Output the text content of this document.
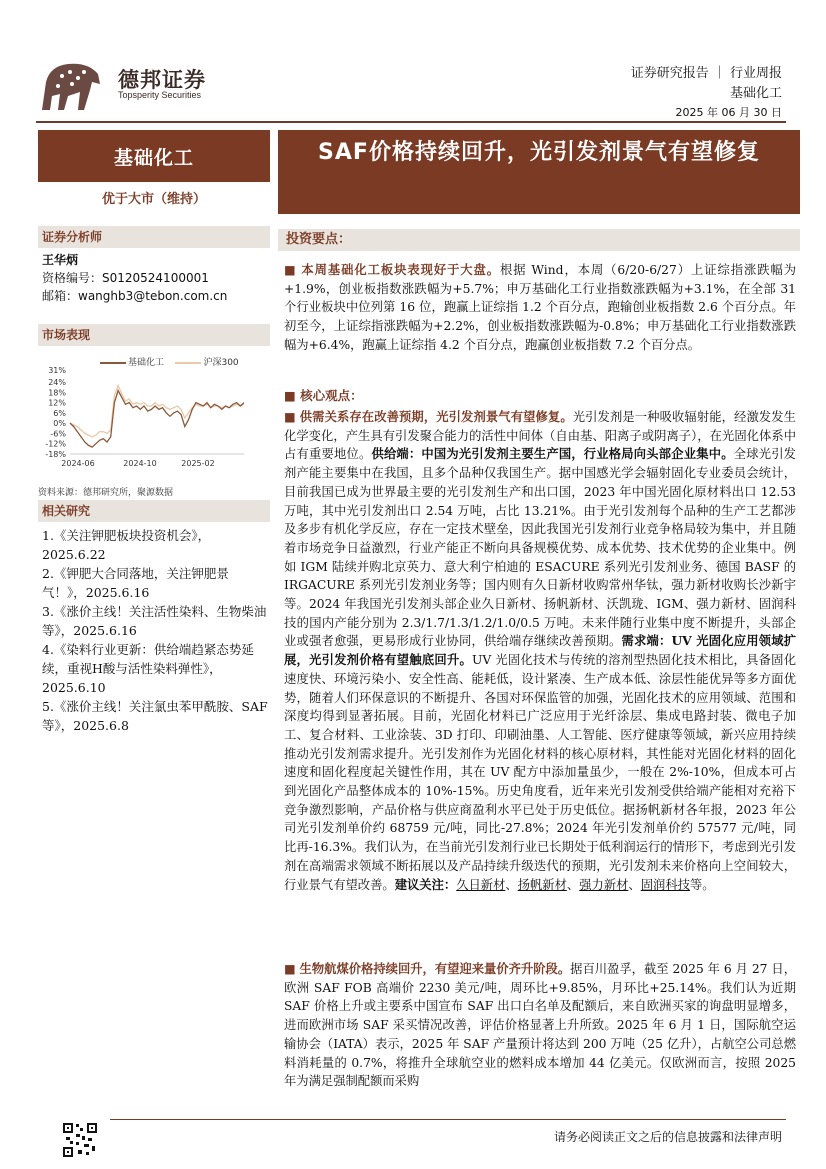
德邦证券
Topsperity Securities
证券研究报告 ｜ 行业周报
基础化工
2025 年 06 月 30 日
基础化工
优于大市（维持）
证券分析师
王华炳
资格编号：S0120524100001
邮箱：wanghb3@tebon.com.cn
市场表现
基础化工	沪深300
31%
24%
18%
12%
6%
0%
-6%
-12%
-18%
2024-06	2024-10	2025-02
资料来源：德邦研究所，聚源数据
相关研究
1.《关注钾肥板块投资机会》，2025.6.22
2.《钾肥大合同落地，关注钾肥景气！》，2025.6.16
3.《涨价主线！关注活性染料、生物柴油等》，2025.6.16
4.《染料行业更新：供给端趋紧态势延续，重视H酸与活性染料弹性》，2025.6.10
5.《涨价主线！关注氯虫苯甲酰胺、SAF等》，2025.6.8
SAF价格持续回升，光引发剂景气有望修复
投资要点：
■ 本周基础化工板块表现好于大盘。根据 Wind，本周（6/20-6/27）上证综指涨跌幅为+1.9%，创业板指数涨跌幅为+5.7%；申万基础化工行业指数涨跌幅为+3.1%，在全部 31 个行业板块中位列第 16 位，跑赢上证综指 1.2 个百分点，跑输创业板指数 2.6 个百分点。年初至今，上证综指涨跌幅为+2.2%，创业板指数涨跌幅为-0.8%；申万基础化工行业指数涨跌幅为+6.4%，跑赢上证综指 4.2 个百分点，跑赢创业板指数 7.2 个百分点。
■ 核心观点：
■ 供需关系存在改善预期，光引发剂景气有望修复。光引发剂是一种吸收辐射能，经激发发生化学变化，产生具有引发聚合能力的活性中间体（自由基、阳离子或阴离子），在光固化体系中占有重要地位。供给端：中国为光引发剂主要生产国，行业格局向头部企业集中。全球光引发剂产能主要集中在我国，且多个品种仅我国生产。据中国感光学会辐射固化专业委员会统计，目前我国已成为世界最主要的光引发剂生产和出口国，2023 年中国光固化原材料出口 12.53 万吨，其中光引发剂出口 2.54 万吨，占比 13.21%。由于光引发剂每个品种的生产工艺都涉及多步有机化学反应，存在一定技术壁垒，因此我国光引发剂行业竞争格局较为集中，并且随着市场竞争日益激烈，行业产能正不断向具备规模优势、成本优势、技术优势的企业集中。例如 IGM 陆续并购北京英力、意大利宁柏迪的 ESACURE 系列光引发剂业务、德国 BASF 的 IRGACURE 系列光引发剂业务等；国内则有久日新材收购常州华钛，强力新材收购长沙新宇等。2024 年我国光引发剂头部企业久日新材、扬帆新材、沃凯珑、IGM、强力新材、固润科技的国内产能分别为 2.3/1.7/1.3/1.2/1.0/0.5 万吨。未来伴随行业集中度不断提升，头部企业或强者愈强，更易形成行业协同，供给端存继续改善预期。需求端：UV 光固化应用领域扩展，光引发剂价格有望触底回升。UV 光固化技术与传统的溶剂型热固化技术相比，具备固化速度快、环境污染小、安全性高、能耗低，设计紧凑、生产成本低、涂层性能优异等多方面优势，随着人们环保意识的不断提升、各国对环保监管的加强，光固化技术的应用领域、范围和深度均得到显著拓展。目前，光固化材料已广泛应用于光纤涂层、集成电路封装、微电子加工、复合材料、工业涂装、3D 打印、印刷油墨、人工智能、医疗健康等领域，新兴应用持续推动光引发剂需求提升。光引发剂作为光固化材料的核心原材料，其性能对光固化材料的固化速度和固化程度起关键性作用，其在 UV 配方中添加量虽少，一般在 2%-10%，但成本可占到光固化产品整体成本的 10%-15%。历史角度看，近年来光引发剂受供给端产能相对充裕下竞争激烈影响，产品价格与供应商盈利水平已处于历史低位。据扬帆新材各年报，2023 年公司光引发剂单价约 68759 元/吨，同比-27.8%；2024 年光引发剂单价约 57577 元/吨，同比再-16.3%。我们认为，在当前光引发剂行业已长期处于低利润运行的情形下，考虑到光引发剂在高端需求领域不断拓展以及产品持续升级迭代的预期，光引发剂未来价格向上空间较大，行业景气有望改善。建议关注：久日新材、扬帆新材、强力新材、固润科技等。
■ 生物航煤价格持续回升，有望迎来量价齐升阶段。据百川盈孚，截至 2025 年 6 月 27 日，欧洲 SAF FOB 高端价 2230 美元/吨，周环比+9.85%，月环比+25.14%。我们认为近期 SAF 价格上升或主要系中国宣布 SAF 出口白名单及配额后，来自欧洲买家的询盘明显增多，进而欧洲市场 SAF 采买情况改善，评估价格显著上升所致。2025 年 6 月 1 日，国际航空运输协会（IATA）表示，2025 年 SAF 产量预计将达到 200 万吨（25 亿升），占航空公司总燃料消耗量的 0.7%，将推升全球航空业的燃料成本增加 44 亿美元。仅欧洲而言，按照 2025 年为满足强制配额而采购
请务必阅读正文之后的信息披露和法律声明
